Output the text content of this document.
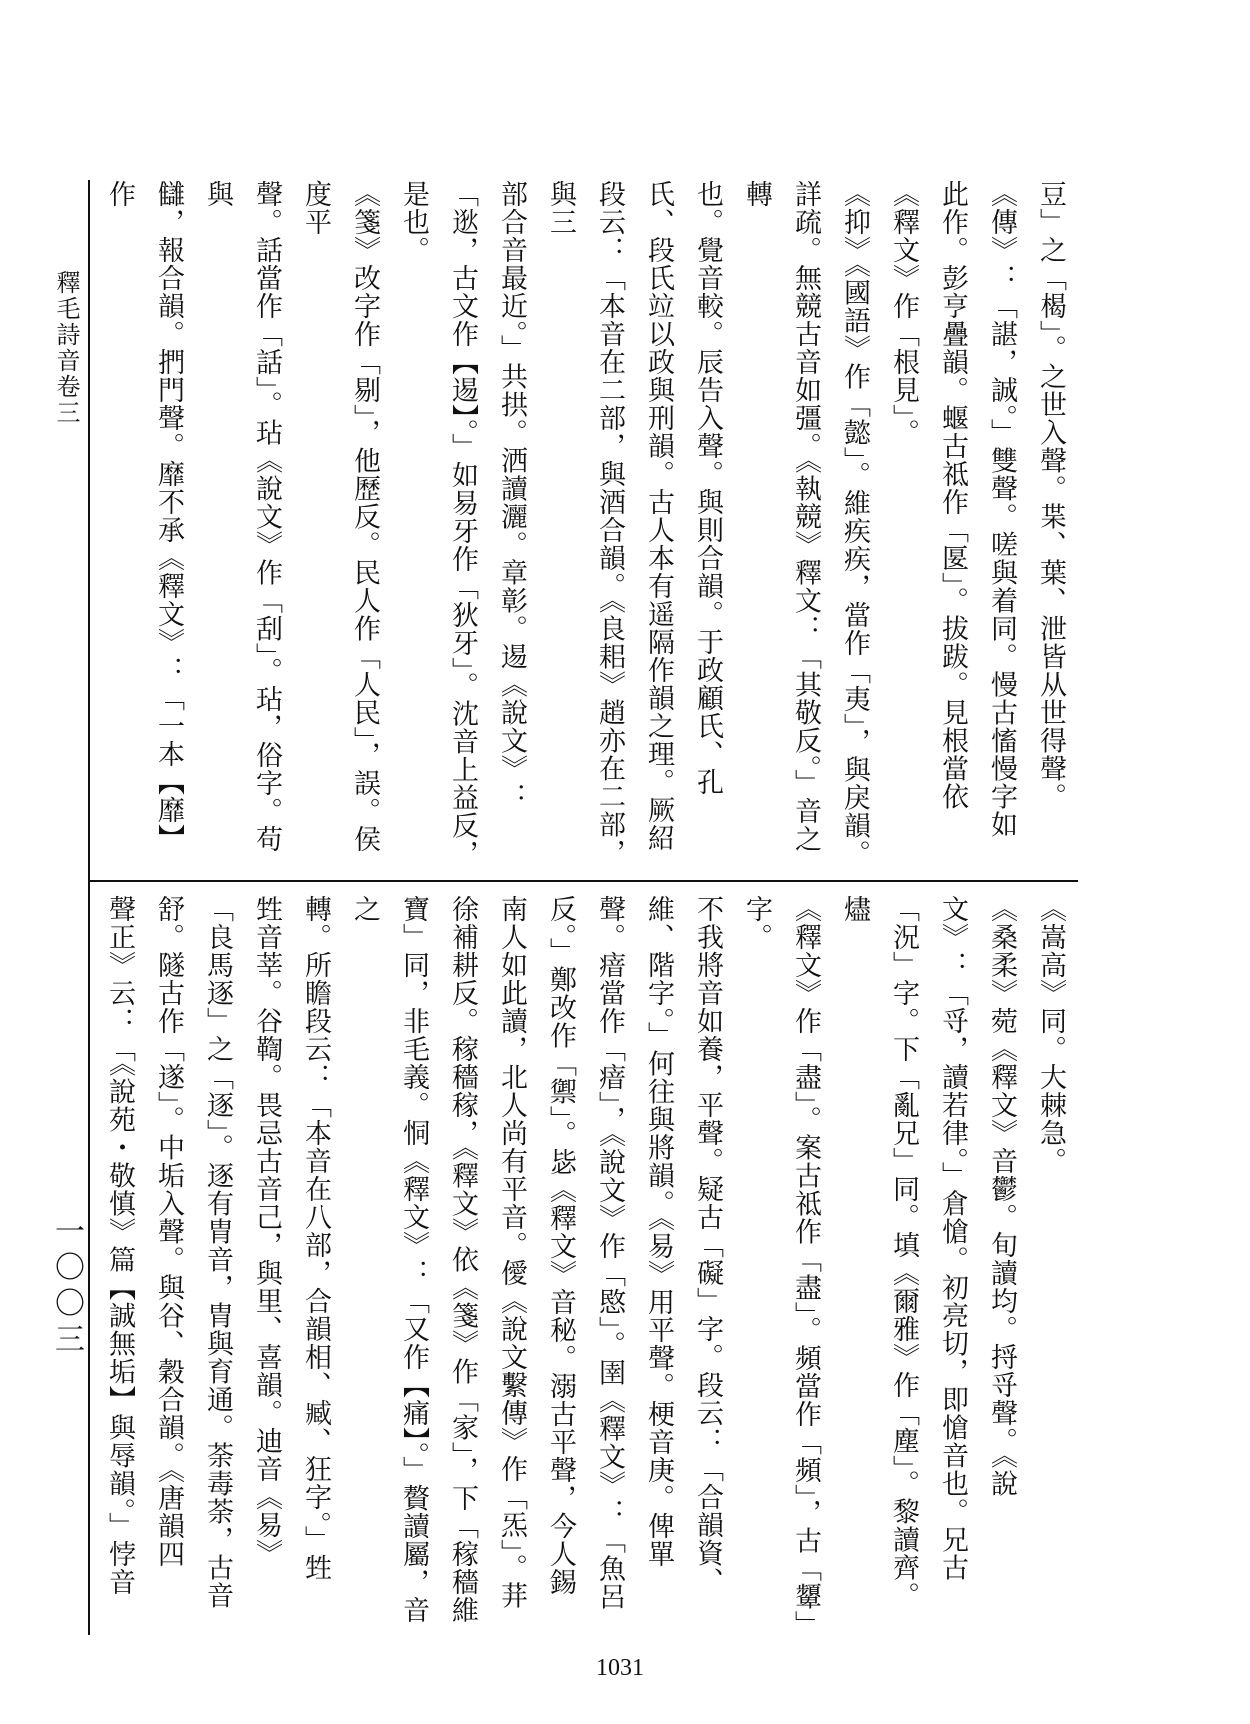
釋毛詩音卷三
一〇〇三
豆」之「楬」。之世入聲。枼、葉、泄皆从世得聲。
《傳》：「諶，誠。」雙聲。嗟與着同。慢古慉慢字如
此作。彭亨疊韻。蝘古祗作「匽」。拔跋。見根當依
《釋文》作「根見」。
《抑》《國語》作「懿」。維疾疾，當作「夷」，與戾韻。
詳疏。無競古音如彊。《執競》釋文：「其敬反。」音之轉
也。覺音較。辰告入聲。與則合韻。于政顧氏、孔
氏、段氏竝以政與刑韻。古人本有遥隔作韻之理。厥紹
段云：「本音在二部，與酒合韻。《良耜》趙亦在二部，與三
部合音最近。」共拱。洒讀灑。章彰。逷《說文》：
「逖，古文作【逷】。」如易牙作「狄牙」。沈音上益反，是也。
《箋》改字作「剔」，他歷反。民人作「人民」，誤。侯度平
聲。話當作「話」。玷《說文》作「刮」。玷，俗字。苟與
讎，報合韻。捫門聲。靡不承《釋文》：「一本【靡】作
《嵩高》同。大棘急。
《桑柔》菀《釋文》音鬱。旬讀均。捋寽聲。《說
文》：「寽，讀若律。」倉愴。初亮切，即愴音也。兄古
「況」字。下「亂兄」同。填《爾雅》作「塵」。黎讀齊。燼
《釋文》作「盡」。案古祗作「盡」。頻當作「頻」，古「顰」字。
不我將音如養，平聲。疑古「礙」字。段云：「合韻資、
維、階字。」何往與將韻。《易》用平聲。梗音庚。俾單
聲。瘖當作「瘖」，《說文》作「愍」。圉《釋文》：「魚呂
反。」鄭改作「禦」。毖《釋文》音秘。溺古平聲，今人錫
南人如此讀，北人尚有平音。僾《說文繫傳》作「炁」。荓
徐補耕反。稼穡稼，《釋文》依《箋》作「家」，下「稼穡維
寶」同，非毛義。恫《釋文》：「又作【痛】。」贅讀屬，音之
轉。所瞻段云：「本音在八部，合韻相、臧、狂字。」甡
甡音莘。谷鞫。畏忌古音己，與里、喜韻。迪音《易》
「良馬逐」之「逐」。逐有胄音，胄與育通。荼毒荼，古音
舒。隧古作「遂」。中垢入聲。與谷、穀合韻。《唐韻四
聲正》云：「《說苑・敬慎》篇【誠無垢】與辱韻。」悖音
1031
